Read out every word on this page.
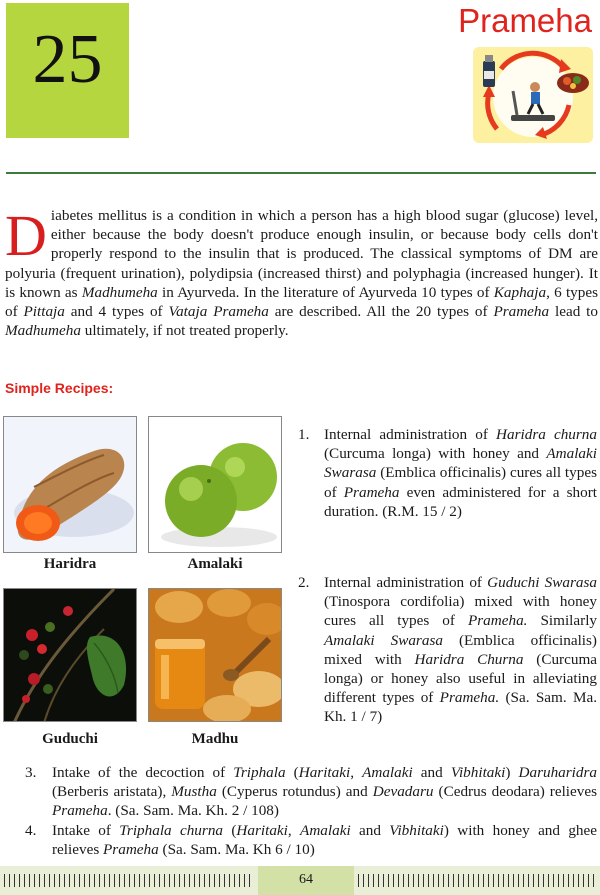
25
Prameha
Diabetes mellitus is a condition in which a person has a high blood sugar (glucose) level, either because the body doesn't produce enough insulin, or because body cells don't properly respond to the insulin that is produced. The classical symptoms of DM are polyuria (frequent urination), polydipsia (increased thirst) and polyphagia (increased hunger). It is known as Madhumeha in Ayurveda. In the literature of Ayurveda 10 types of Kaphaja, 6 types of Pittaja and 4 types of Vataja Prameha are described. All the 20 types of Prameha lead to Madhumeha ultimately, if not treated properly.
Simple Recipes:
Haridra	Amalaki
Guduchi	Madhu
1. Internal administration of Haridra churna (Curcuma longa) with honey and Amalaki Swarasa (Emblica officinalis) cures all types of Prameha even administered for a short duration. (R.M. 15 / 2)
2. Internal administration of Guduchi Swarasa (Tinospora cordifolia) mixed with honey cures all types of Prameha. Similarly Amalaki Swarasa (Emblica officinalis) mixed with Haridra Churna (Curcuma longa) or honey also useful in alleviating different types of Prameha. (Sa. Sam. Ma. Kh. 1 / 7)
3. Intake of the decoction of Triphala (Haritaki, Amalaki and Vibhitaki) Daruharidra (Berberis aristata), Mustha (Cyperus rotundus) and Devadaru (Cedrus deodara) relieves Prameha. (Sa. Sam. Ma. Kh. 2 / 108)
4. Intake of Triphala churna (Haritaki, Amalaki and Vibhitaki) with honey and ghee relieves Prameha (Sa. Sam. Ma. Kh 6 / 10)
64
